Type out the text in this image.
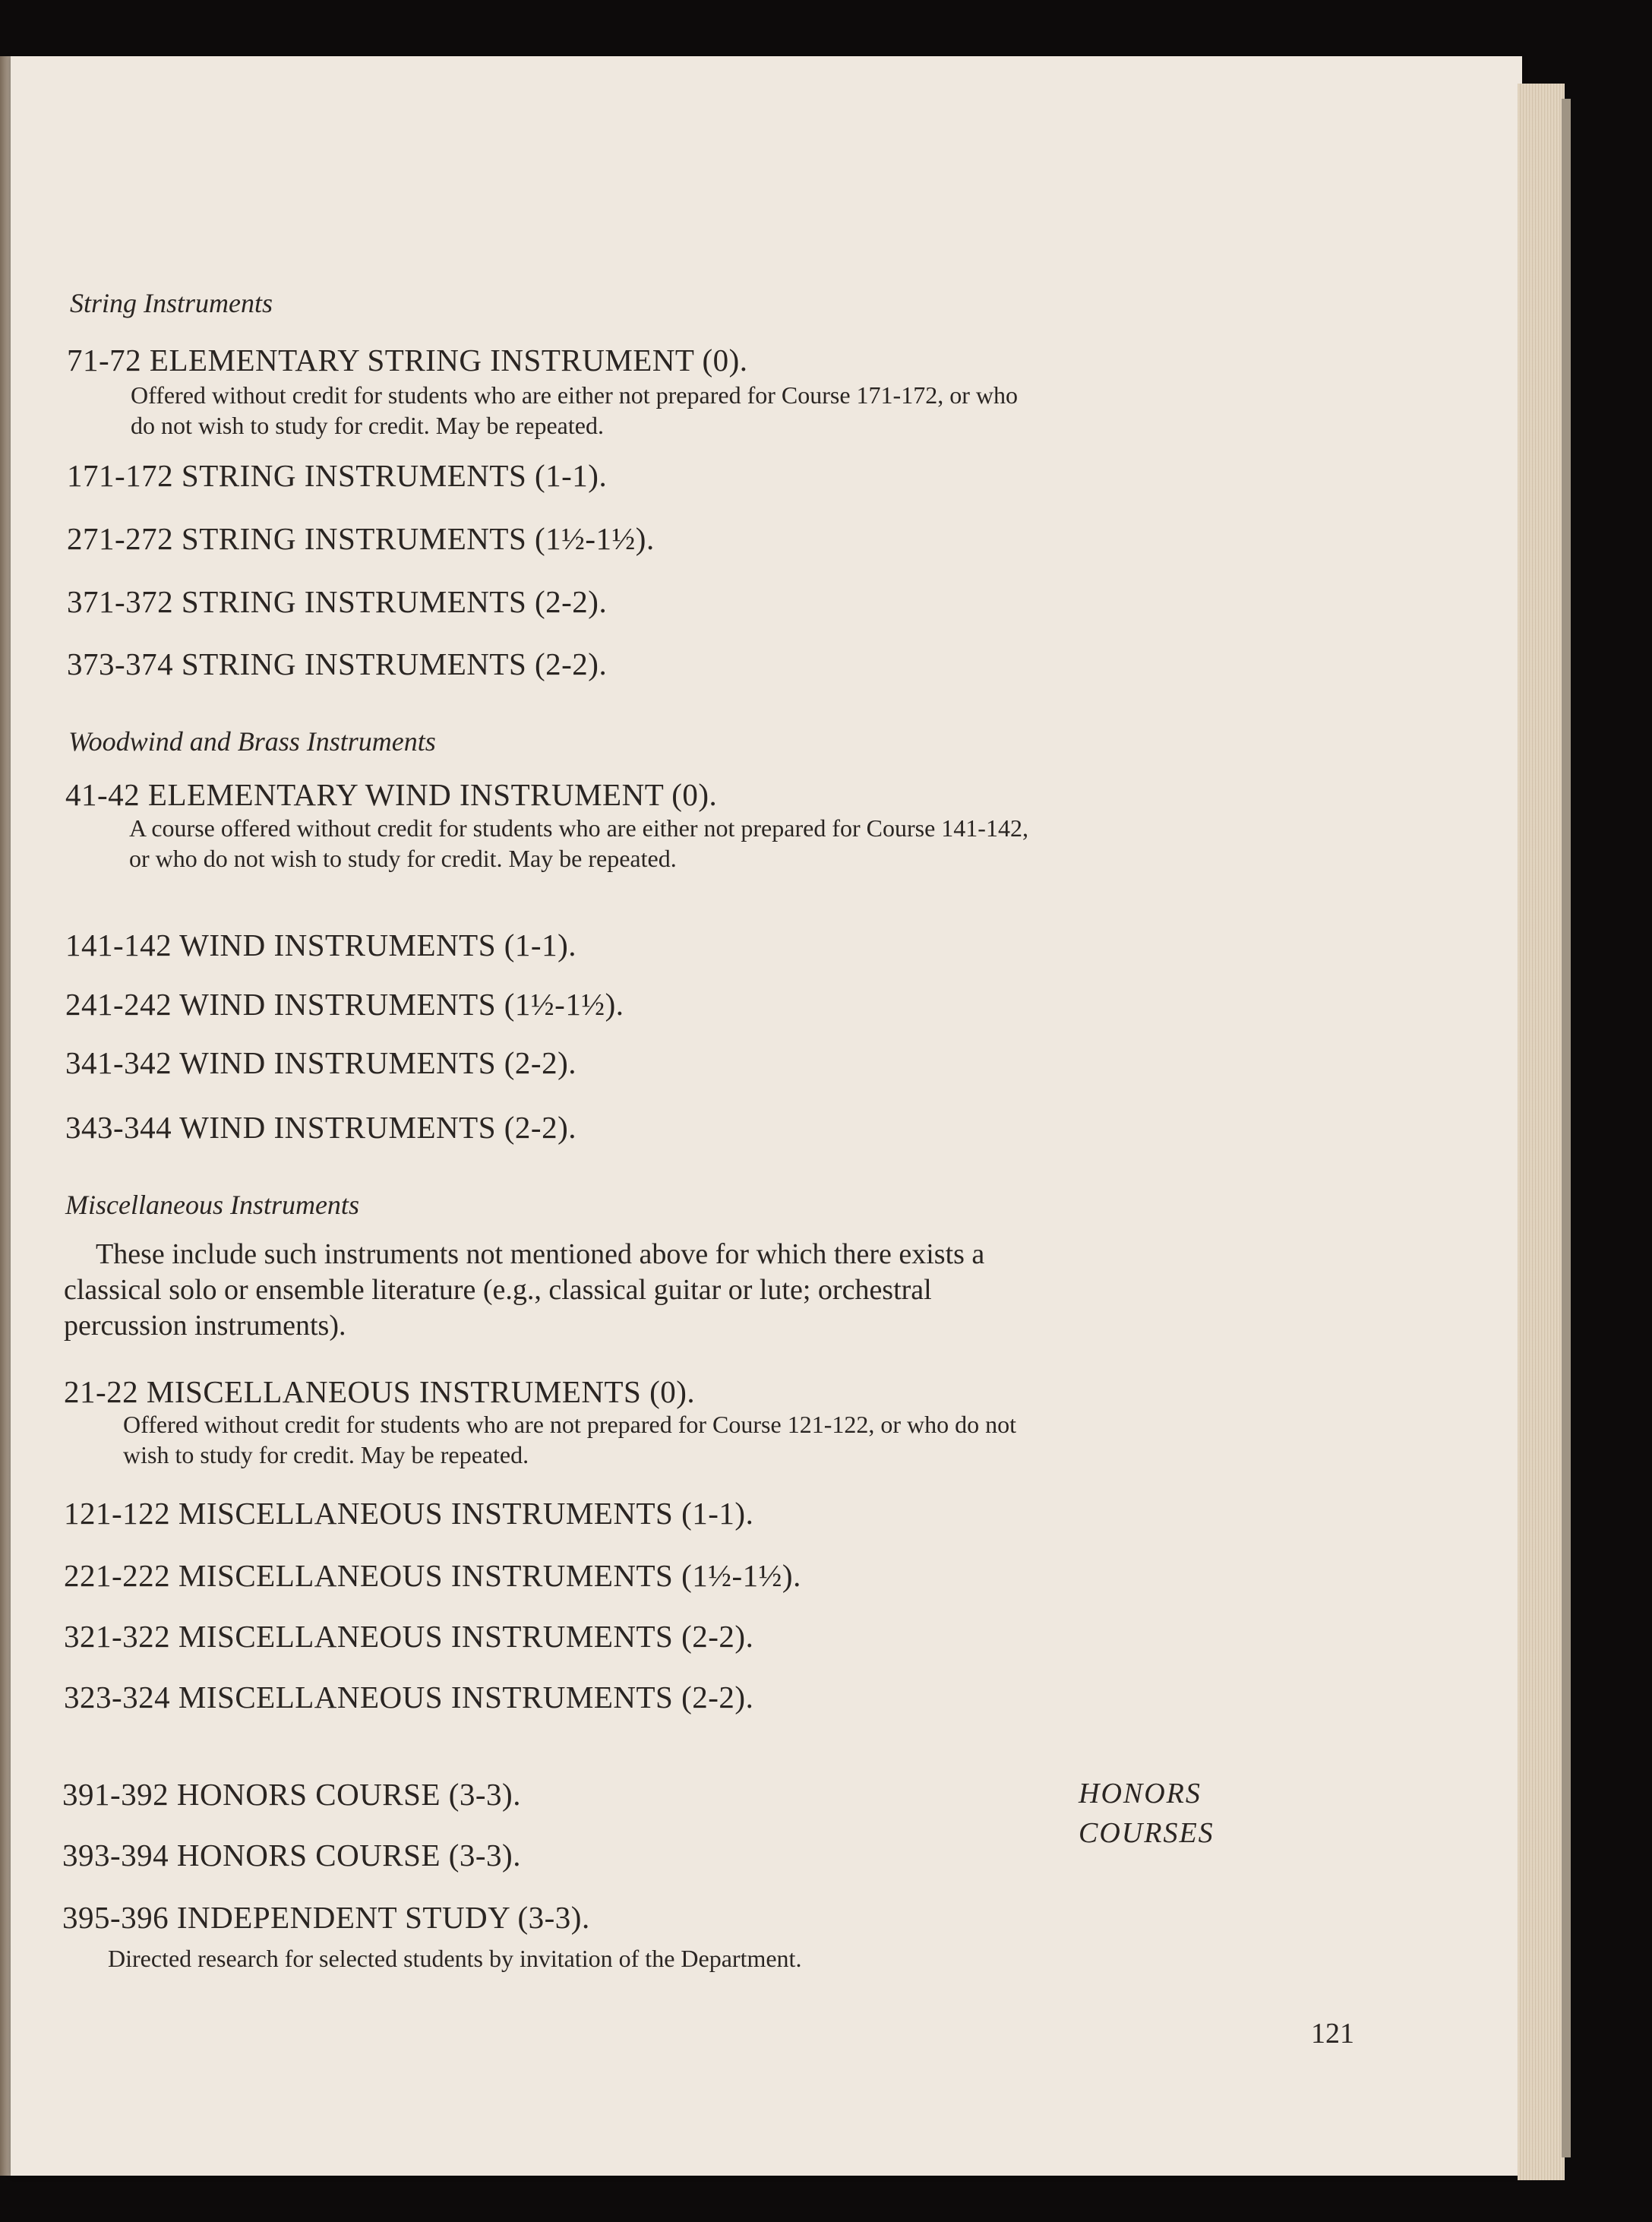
String Instruments
71-72 ELEMENTARY STRING INSTRUMENT (0).
Offered without credit for students who are either not prepared for Course 171-172, or who do not wish to study for credit. May be repeated.
171-172 STRING INSTRUMENTS (1-1).
271-272 STRING INSTRUMENTS (1½-1½).
371-372 STRING INSTRUMENTS (2-2).
373-374 STRING INSTRUMENTS (2-2).
Woodwind and Brass Instruments
41-42 ELEMENTARY WIND INSTRUMENT (0).
A course offered without credit for students who are either not prepared for Course 141-142, or who do not wish to study for credit. May be repeated.
141-142 WIND INSTRUMENTS (1-1).
241-242 WIND INSTRUMENTS (1½-1½).
341-342 WIND INSTRUMENTS (2-2).
343-344 WIND INSTRUMENTS (2-2).
Miscellaneous Instruments
These include such instruments not mentioned above for which there exists a classical solo or ensemble literature (e.g., classical guitar or lute; orchestral percussion instruments).
21-22 MISCELLANEOUS INSTRUMENTS (0).
Offered without credit for students who are not prepared for Course 121-122, or who do not wish to study for credit. May be repeated.
121-122 MISCELLANEOUS INSTRUMENTS (1-1).
221-222 MISCELLANEOUS INSTRUMENTS (1½-1½).
321-322 MISCELLANEOUS INSTRUMENTS (2-2).
323-324 MISCELLANEOUS INSTRUMENTS (2-2).
391-392 HONORS COURSE (3-3).
393-394 HONORS COURSE (3-3).
395-396 INDEPENDENT STUDY (3-3).
Directed research for selected students by invitation of the Department.
HONORS
COURSES
121
